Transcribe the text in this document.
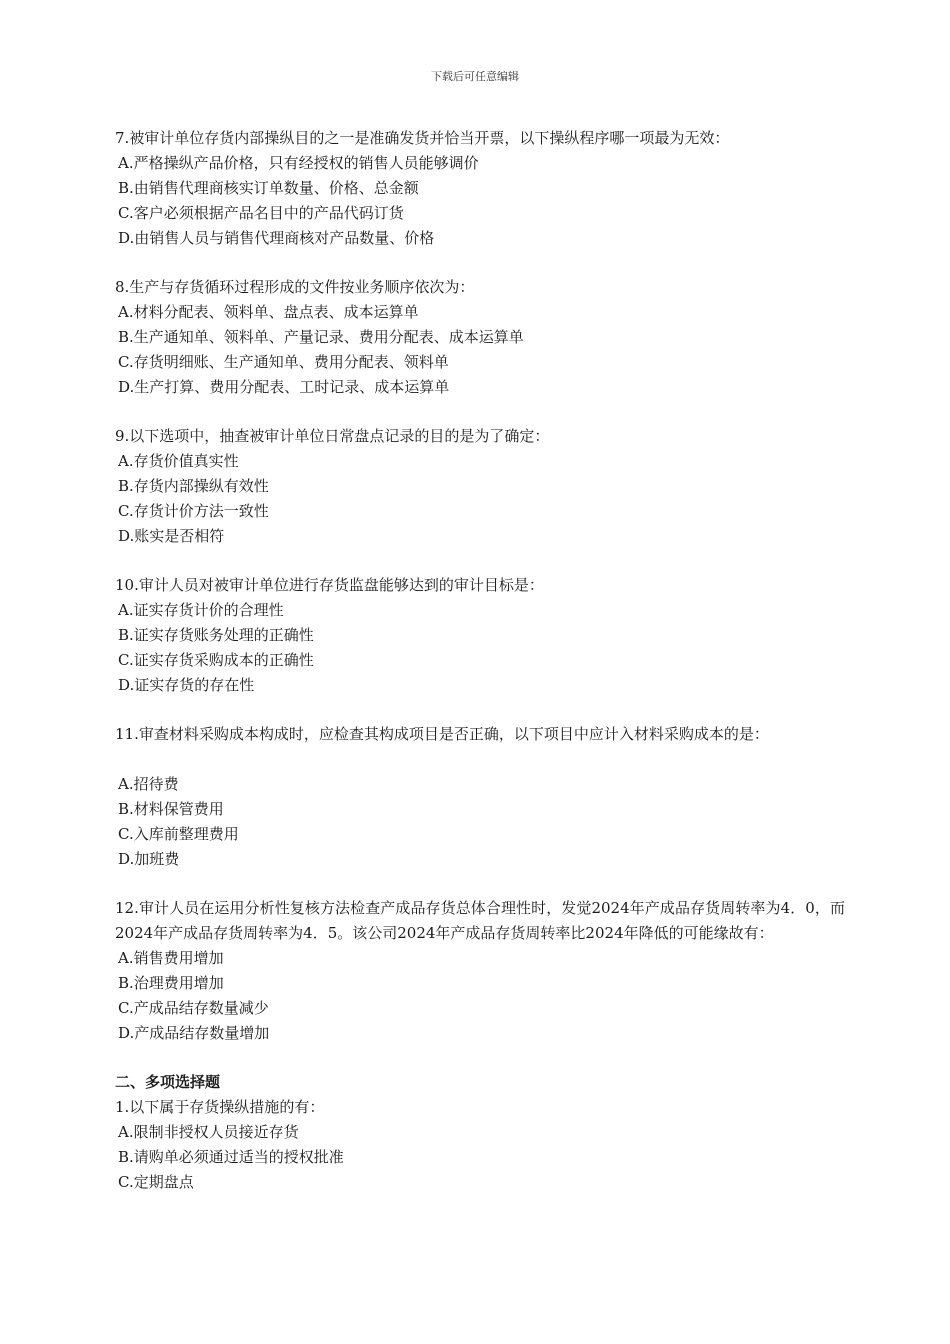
下载后可任意编辑

7.被审计单位存货内部操纵目的之一是准确发货并恰当开票，以下操纵程序哪一项最为无效：

A.严格操纵产品价格，只有经授权的销售人员能够调价

B.由销售代理商核实订单数量、价格、总金额

C.客户必须根据产品名目中的产品代码订货

D.由销售人员与销售代理商核对产品数量、价格

8.生产与存货循环过程形成的文件按业务顺序依次为：

A.材料分配表、领料单、盘点表、成本运算单

B.生产通知单、领料单、产量记录、费用分配表、成本运算单

C.存货明细账、生产通知单、费用分配表、领料单

D.生产打算、费用分配表、工时记录、成本运算单

9.以下选项中，抽查被审计单位日常盘点记录的目的是为了确定：

A.存货价值真实性

B.存货内部操纵有效性

C.存货计价方法一致性

D.账实是否相符

10.审计人员对被审计单位进行存货监盘能够达到的审计目标是：

A.证实存货计价的合理性

B.证实存货账务处理的正确性

C.证实存货采购成本的正确性

D.证实存货的存在性

11.审查材料采购成本构成时，应检查其构成项目是否正确，以下项目中应计入材料采购成本的是：

A.招待费

B.材料保管费用

C.入库前整理费用

D.加班费

12.审计人员在运用分析性复核方法检查产成品存货总体合理性时，发觉2024年产成品存货周转率为4．0，而2024年产成品存货周转率为4．5。该公司2024年产成品存货周转率比2024年降低的可能缘故有：

A.销售费用增加

B.治理费用增加

C.产成品结存数量减少

D.产成品结存数量增加

二、多项选择题

1.以下属于存货操纵措施的有：

A.限制非授权人员接近存货

B.请购单必须通过适当的授权批准

C.定期盘点
